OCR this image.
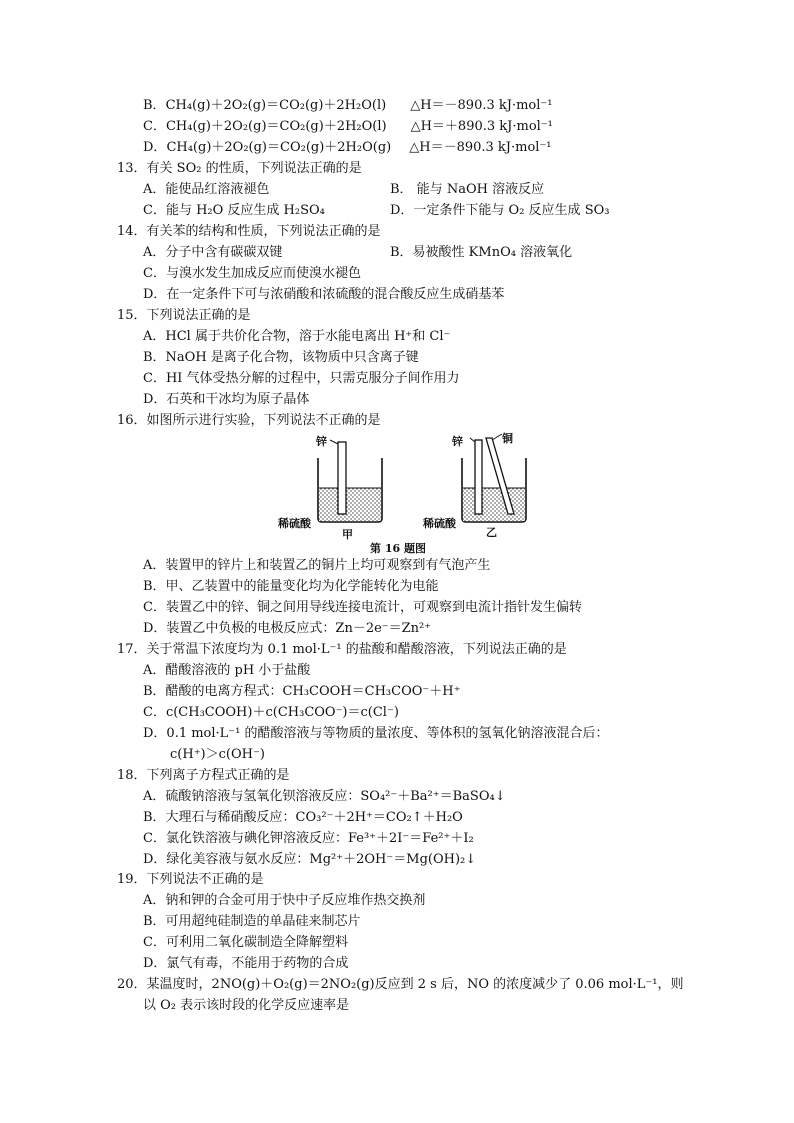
B．CH₄(g)＋2O₂(g)＝CO₂(g)＋2H₂O(l) △H＝－890.3 kJ·mol⁻¹
C．CH₄(g)＋2O₂(g)＝CO₂(g)＋2H₂O(l) △H＝＋890.3 kJ·mol⁻¹
D．CH₄(g)＋2O₂(g)＝CO₂(g)＋2H₂O(g) △H＝－890.3 kJ·mol⁻¹
13．有关 SO₂ 的性质，下列说法正确的是
A．能使品红溶液褪色	B． 能与 NaOH 溶液反应
C．能与 H₂O 反应生成 H₂SO₄	D．一定条件下能与 O₂ 反应生成 SO₃
14．有关苯的结构和性质，下列说法正确的是
A．分子中含有碳碳双键	B．易被酸性 KMnO₄ 溶液氧化
C．与溴水发生加成反应而使溴水褪色
D．在一定条件下可与浓硝酸和浓硫酸的混合酸反应生成硝基苯
15．下列说法正确的是
A．HCl 属于共价化合物，溶于水能电离出 H⁺和 Cl⁻
B．NaOH 是离子化合物，该物质中只含离子键
C．HI 气体受热分解的过程中，只需克服分子间作用力
D．石英和干冰均为原子晶体
16．如图所示进行实验，下列说法不正确的是
锌
稀硫酸
甲
锌	铜
稀硫酸
乙
第 16 题图
A．装置甲的锌片上和装置乙的铜片上均可观察到有气泡产生
B．甲、乙装置中的能量变化均为化学能转化为电能
C．装置乙中的锌、铜之间用导线连接电流计，可观察到电流计指针发生偏转
D．装置乙中负极的电极反应式：Zn－2e⁻＝Zn²⁺
17．关于常温下浓度均为 0.1 mol·L⁻¹ 的盐酸和醋酸溶液，下列说法正确的是
A．醋酸溶液的 pH 小于盐酸
B．醋酸的电离方程式：CH₃COOH＝CH₃COO⁻＋H⁺
C．c(CH₃COOH)＋c(CH₃COO⁻)＝c(Cl⁻)
D．0.1 mol·L⁻¹ 的醋酸溶液与等物质的量浓度、等体积的氢氧化钠溶液混合后：
c(H⁺)＞c(OH⁻)
18．下列离子方程式正确的是
A．硫酸钠溶液与氢氧化钡溶液反应：SO₄²⁻＋Ba²⁺＝BaSO₄↓
B．大理石与稀硝酸反应：CO₃²⁻＋2H⁺＝CO₂↑＋H₂O
C．氯化铁溶液与碘化钾溶液反应：Fe³⁺＋2I⁻＝Fe²⁺＋I₂
D．绿化美容液与氨水反应：Mg²⁺＋2OH⁻＝Mg(OH)₂↓
19．下列说法不正确的是
A．钠和钾的合金可用于快中子反应堆作热交换剂
B．可用超纯硅制造的单晶硅来制芯片
C．可利用二氧化碳制造全降解塑料
D．氯气有毒，不能用于药物的合成
20．某温度时，2NO(g)＋O₂(g)＝2NO₂(g)反应到 2 s 后，NO 的浓度减少了 0.06 mol·L⁻¹，则
以 O₂ 表示该时段的化学反应速率是
